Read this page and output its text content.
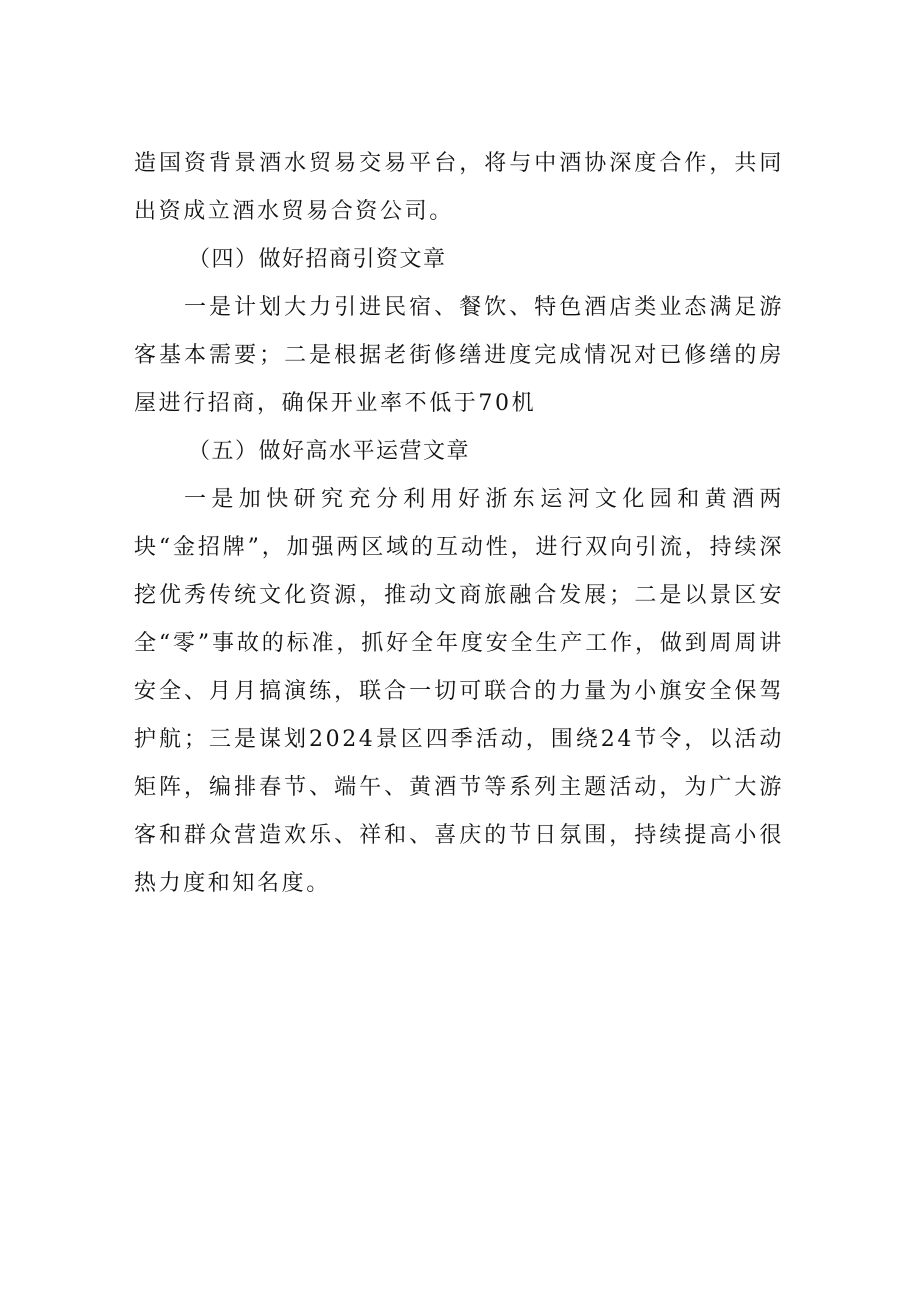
造国资背景酒水贸易交易平台，将与中酒协深度合作，共同出资成立酒水贸易合资公司。

（四）做好招商引资文章

一是计划大力引进民宿、餐饮、特色酒店类业态满足游客基本需要；二是根据老街修缮进度完成情况对已修缮的房屋进行招商，确保开业率不低于70机

（五）做好高水平运营文章

一是加快研究充分利用好浙东运河文化园和黄酒两块“金招牌”，加强两区域的互动性，进行双向引流，持续深挖优秀传统文化资源，推动文商旅融合发展；二是以景区安全“零”事故的标准，抓好全年度安全生产工作，做到周周讲安全、月月搞演练，联合一切可联合的力量为小旗安全保驾护航；三是谋划2024景区四季活动，围绕24节令，以活动矩阵，编排春节、端午、黄酒节等系列主题活动，为广大游客和群众营造欢乐、祥和、喜庆的节日氛围，持续提高小很热力度和知名度。
